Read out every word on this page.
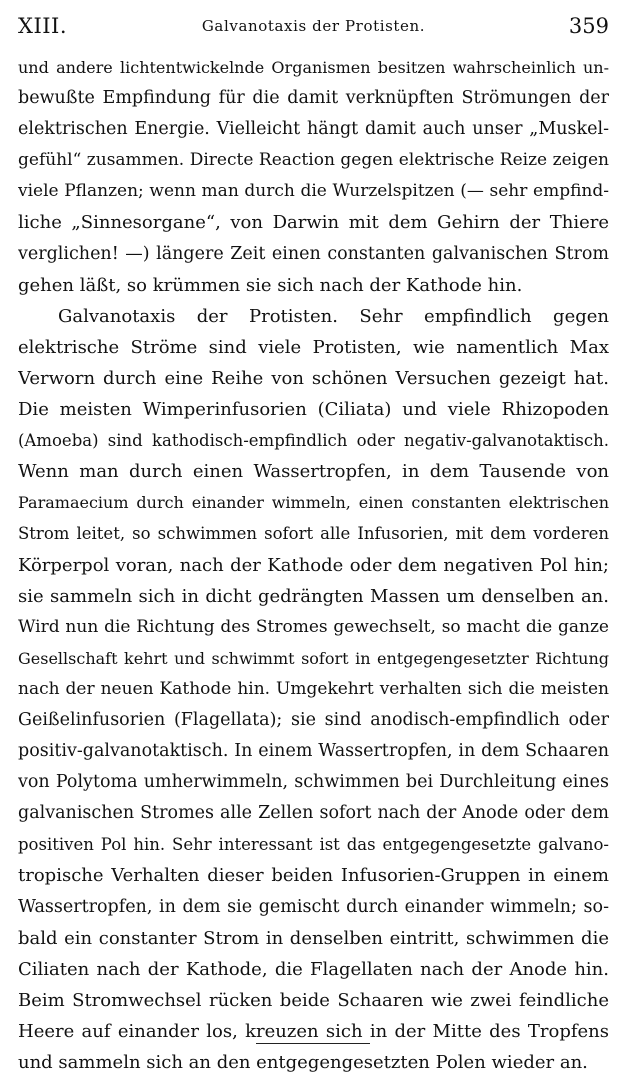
XIII.	Galvanotaxis der Protisten.	359
und andere lichtentwickelnde Organismen besitzen wahrscheinlich un-
bewußte Empfindung für die damit verknüpften Strömungen der
elektrischen Energie. Vielleicht hängt damit auch unser „Muskel-
gefühl“ zusammen. Directe Reaction gegen elektrische Reize zeigen
viele Pflanzen; wenn man durch die Wurzelspitzen (— sehr empfind-
liche „Sinnesorgane“, von Darwin mit dem Gehirn der Thiere
verglichen! —) längere Zeit einen constanten galvanischen Strom
gehen läßt, so krümmen sie sich nach der Kathode hin.
Galvanotaxis der Protisten. Sehr empfindlich gegen
elektrische Ströme sind viele Protisten, wie namentlich Max
Verworn durch eine Reihe von schönen Versuchen gezeigt hat.
Die meisten Wimperinfusorien (Ciliata) und viele Rhizopoden
(Amoeba) sind kathodisch-empfindlich oder negativ-galvanotaktisch.
Wenn man durch einen Wassertropfen, in dem Tausende von
Paramaecium durch einander wimmeln, einen constanten elektrischen
Strom leitet, so schwimmen sofort alle Infusorien, mit dem vorderen
Körperpol voran, nach der Kathode oder dem negativen Pol hin;
sie sammeln sich in dicht gedrängten Massen um denselben an.
Wird nun die Richtung des Stromes gewechselt, so macht die ganze
Gesellschaft kehrt und schwimmt sofort in entgegengesetzter Richtung
nach der neuen Kathode hin. Umgekehrt verhalten sich die meisten
Geißelinfusorien (Flagellata); sie sind anodisch-empfindlich oder
positiv-galvanotaktisch. In einem Wassertropfen, in dem Schaaren
von Polytoma umherwimmeln, schwimmen bei Durchleitung eines
galvanischen Stromes alle Zellen sofort nach der Anode oder dem
positiven Pol hin. Sehr interessant ist das entgegengesetzte galvano-
tropische Verhalten dieser beiden Infusorien-Gruppen in einem
Wassertropfen, in dem sie gemischt durch einander wimmeln; so-
bald ein constanter Strom in denselben eintritt, schwimmen die
Ciliaten nach der Kathode, die Flagellaten nach der Anode hin.
Beim Stromwechsel rücken beide Schaaren wie zwei feindliche
Heere auf einander los, kreuzen sich in der Mitte des Tropfens
und sammeln sich an den entgegengesetzten Polen wieder an.
